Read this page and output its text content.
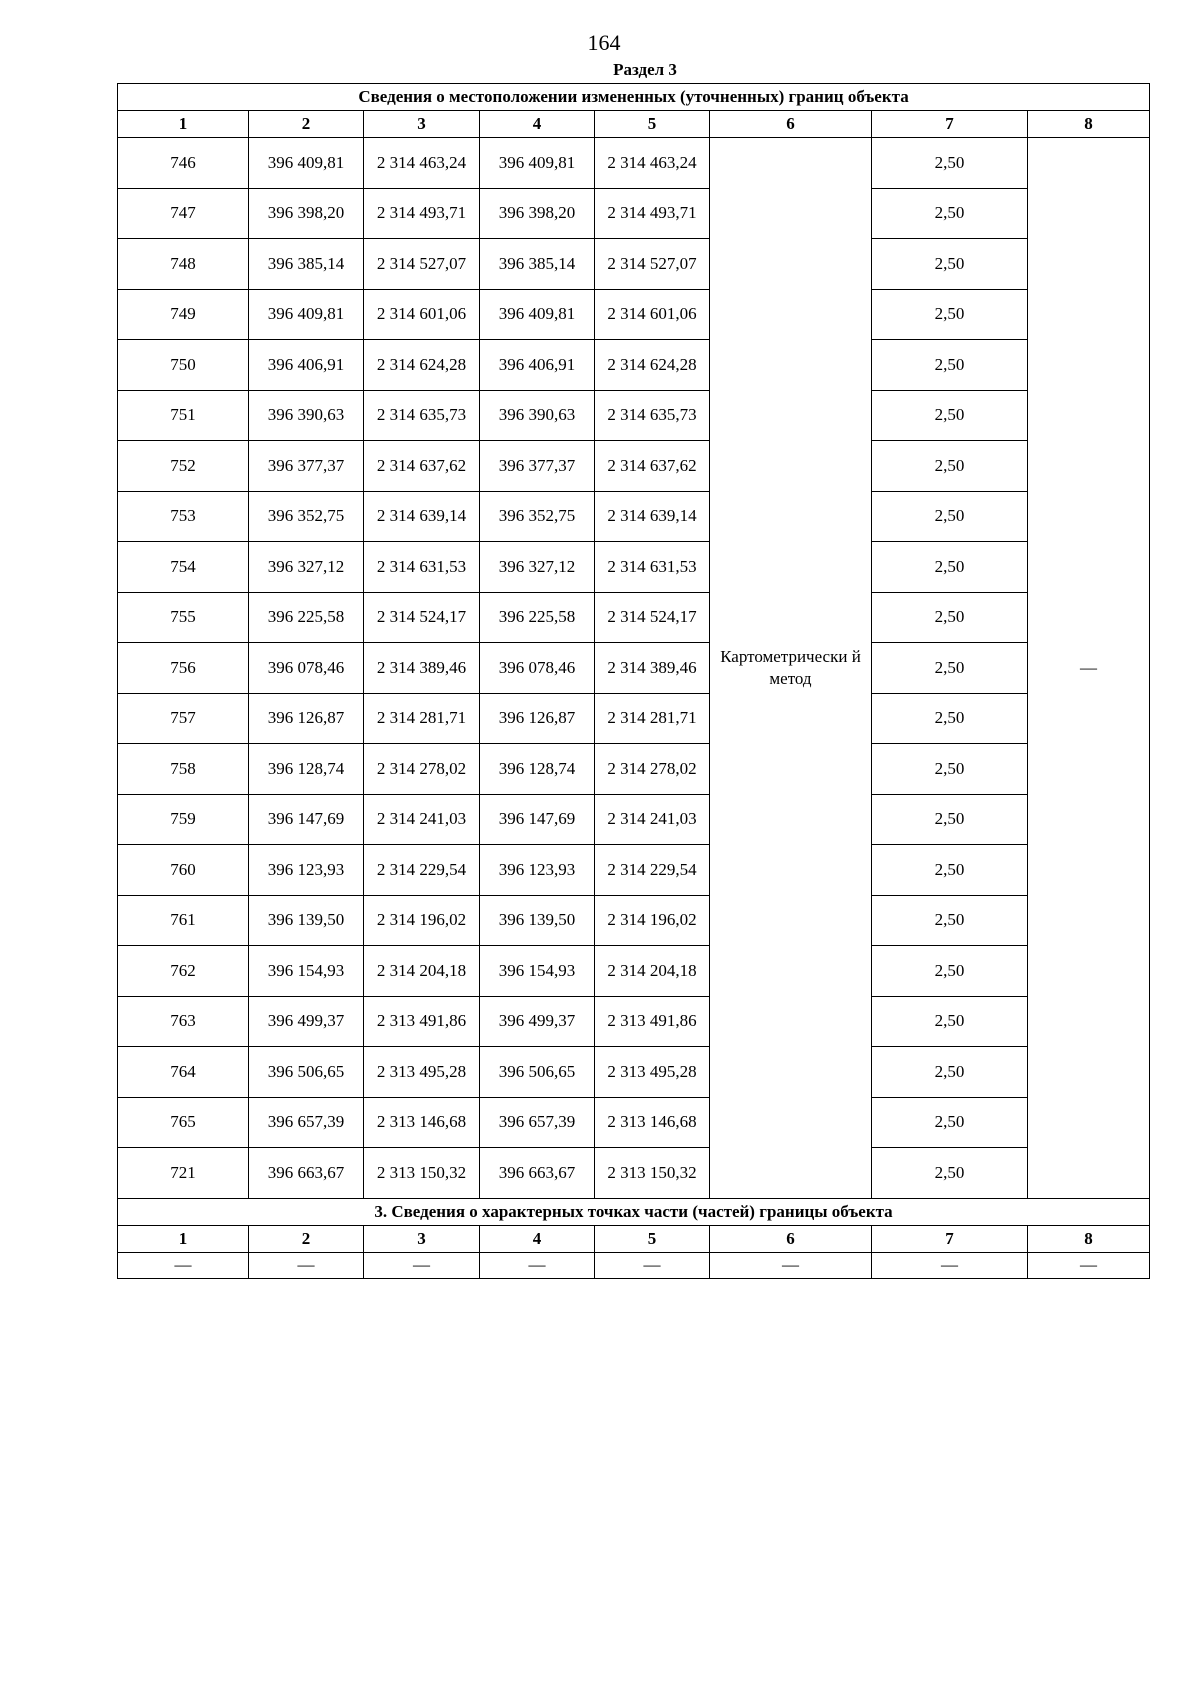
164
Раздел 3
Сведения о местоположении измененных (уточненных) границ объекта							
1	2	3	4	5	6	7	8
746	396 409,81	2 314 463,24	396 409,81	2 314 463,24	Картометрически й метод	2,50	—
747	396 398,20	2 314 493,71	396 398,20	2 314 493,71		2,50	
748	396 385,14	2 314 527,07	396 385,14	2 314 527,07		2,50	
749	396 409,81	2 314 601,06	396 409,81	2 314 601,06		2,50	
750	396 406,91	2 314 624,28	396 406,91	2 314 624,28		2,50	
751	396 390,63	2 314 635,73	396 390,63	2 314 635,73		2,50	
752	396 377,37	2 314 637,62	396 377,37	2 314 637,62		2,50	
753	396 352,75	2 314 639,14	396 352,75	2 314 639,14		2,50	
754	396 327,12	2 314 631,53	396 327,12	2 314 631,53		2,50	
755	396 225,58	2 314 524,17	396 225,58	2 314 524,17		2,50	
756	396 078,46	2 314 389,46	396 078,46	2 314 389,46		2,50	
757	396 126,87	2 314 281,71	396 126,87	2 314 281,71		2,50	
758	396 128,74	2 314 278,02	396 128,74	2 314 278,02		2,50	
759	396 147,69	2 314 241,03	396 147,69	2 314 241,03		2,50	
760	396 123,93	2 314 229,54	396 123,93	2 314 229,54		2,50	
761	396 139,50	2 314 196,02	396 139,50	2 314 196,02		2,50	
762	396 154,93	2 314 204,18	396 154,93	2 314 204,18		2,50	
763	396 499,37	2 313 491,86	396 499,37	2 313 491,86		2,50	
764	396 506,65	2 313 495,28	396 506,65	2 313 495,28		2,50	
765	396 657,39	2 313 146,68	396 657,39	2 313 146,68		2,50	
721	396 663,67	2 313 150,32	396 663,67	2 313 150,32		2,50	
3. Сведения о характерных точках части (частей) границы объекта							
1	2	3	4	5	6	7	8
—	—	—	—	—	—	—	—
